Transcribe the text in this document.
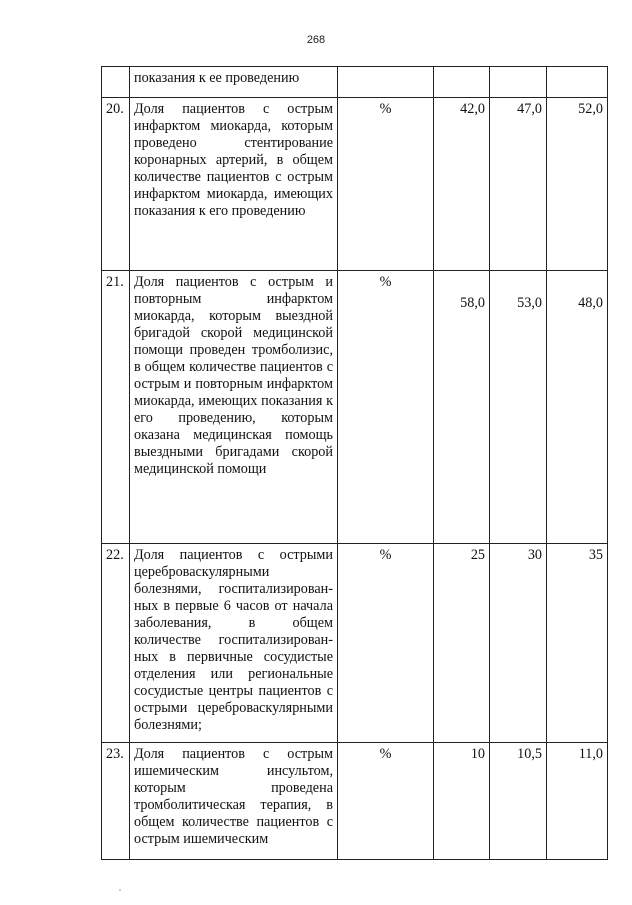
268

	показания к ее проведению				

20.	Доля пациентов с острым инфарктом миокарда, которым проведено стентирование коронарных артерий, в общем количестве пациентов с острым инфарктом миокарда, имеющих показания к его проведению	%	42,0	47,0	52,0
21.	Доля пациентов с острым и повторным инфарктом миокарда, которым выездной бригадой скорой медицинской помощи проведен тромболизис, в общем количестве пациентов с острым и повторным инфарктом миокарда, имеющих показания к его проведению, которым оказана медицинская помощь выездными бригадами скорой медицинской помощи	%	58,0	53,0	48,0
22.	Доля пациентов с острыми цереброваскулярными болезнями, госпитализированных в первые 6 часов от начала заболевания, в общем количестве госпитализированных в первичные сосудистые отделения или региональные сосудистые центры пациентов с острыми цереброваскулярными болезнями;	%	25	30	35
23.	Доля пациентов с острым ишемическим инсультом, которым проведена тромболитическая терапия, в общем количестве пациентов с острым ишемическим	%	10	10,5	11,0
